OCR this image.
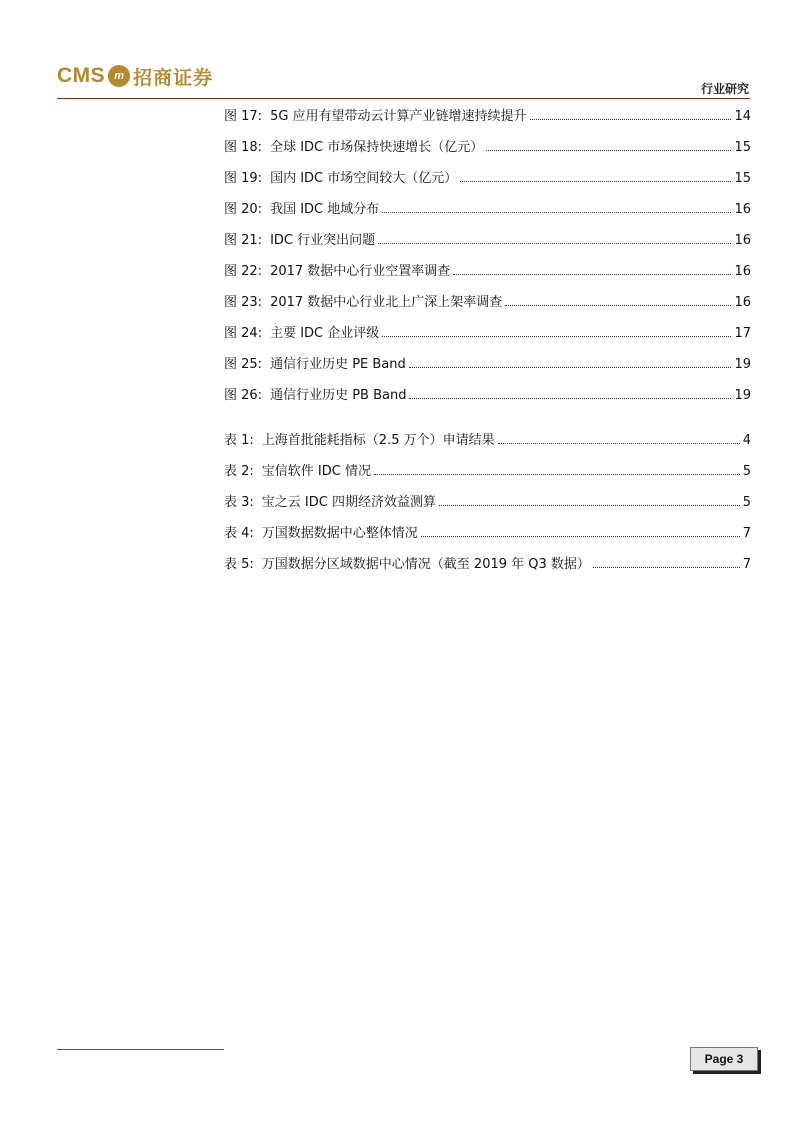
CMS m 招商证券
行业研究
图 17: 5G 应用有望带动云计算产业链增速持续提升	14
图 18: 全球 IDC 市场保持快速增长（亿元）	15
图 19: 国内 IDC 市场空间较大（亿元）	15
图 20: 我国 IDC 地域分布	16
图 21: IDC 行业突出问题	16
图 22: 2017 数据中心行业空置率调查	16
图 23: 2017 数据中心行业北上广深上架率调查	16
图 24: 主要 IDC 企业评级	17
图 25: 通信行业历史 PE Band	19
图 26: 通信行业历史 PB Band	19
表 1: 上海首批能耗指标（2.5 万个）申请结果	4
表 2: 宝信软件 IDC 情况	5
表 3: 宝之云 IDC 四期经济效益测算	5
表 4: 万国数据数据中心整体情况	7
表 5: 万国数据分区域数据中心情况（截至 2019 年 Q3 数据）	7
Page 3
